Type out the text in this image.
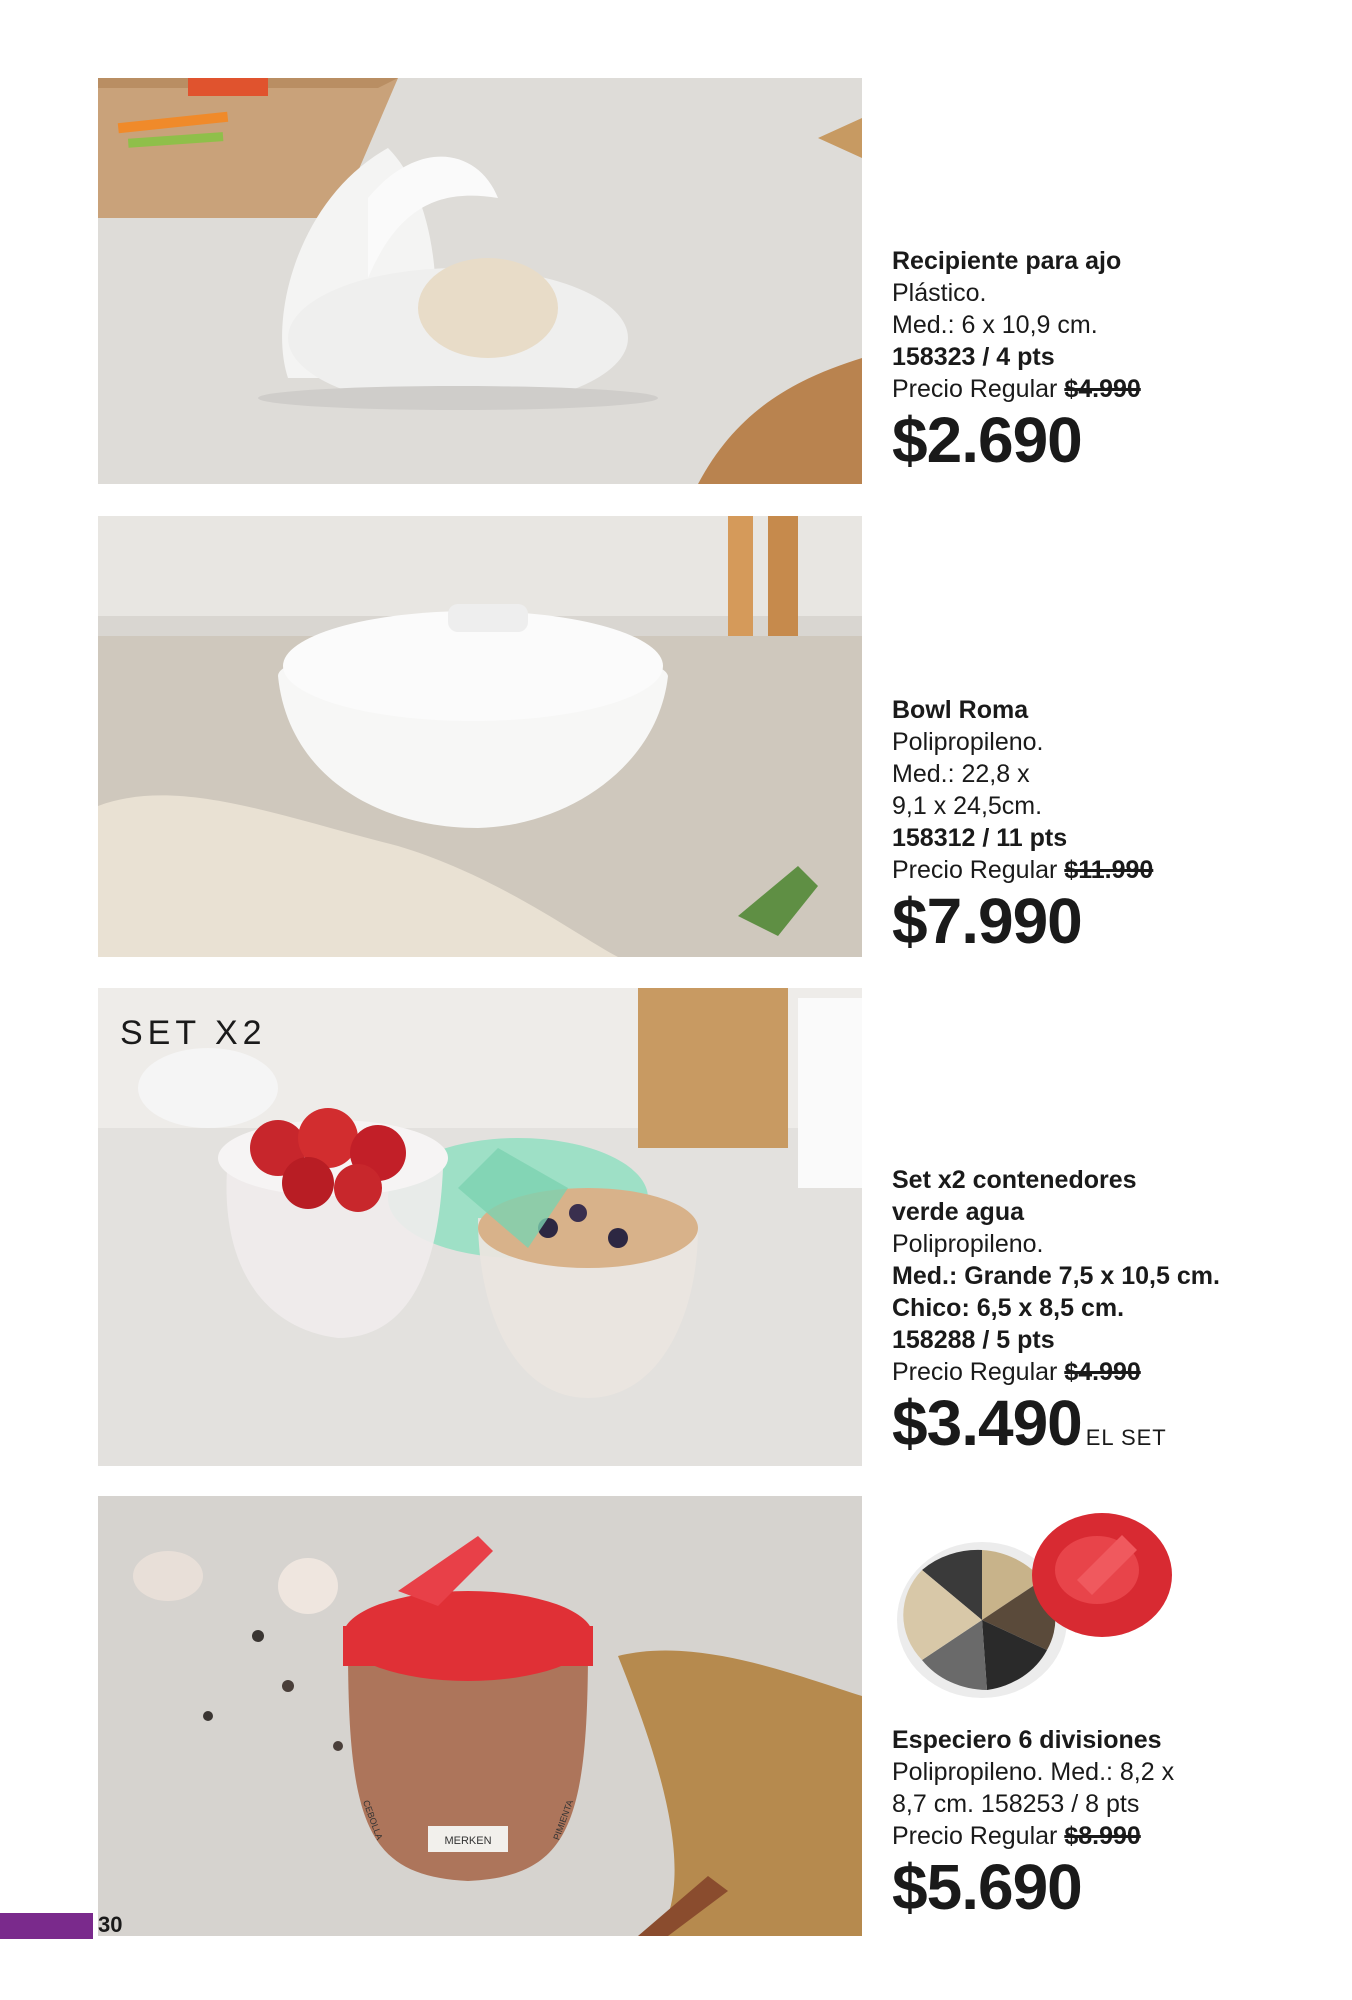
Recipiente para ajo
Plástico.
Med.: 6 x 10,9 cm.
158323 / 4 pts
Precio Regular $4.990
$2.690
Bowl Roma
Polipropileno.
Med.: 22,8 x
9,1 x 24,5cm.
158312 / 11 pts
Precio Regular $11.990
$7.990
SET X2
Set x2 contenedores
verde agua
Polipropileno.
Med.: Grande 7,5 x 10,5 cm.
Chico: 6,5 x 8,5 cm.
158288 / 5 pts
Precio Regular $4.990
$3.490 EL SET
MERKEN
CEBOLLA	PIMIENTA
Especiero 6 divisiones
Polipropileno. Med.: 8,2 x
8,7 cm. 158253 / 8 pts
Precio Regular $8.990
$5.690
30
